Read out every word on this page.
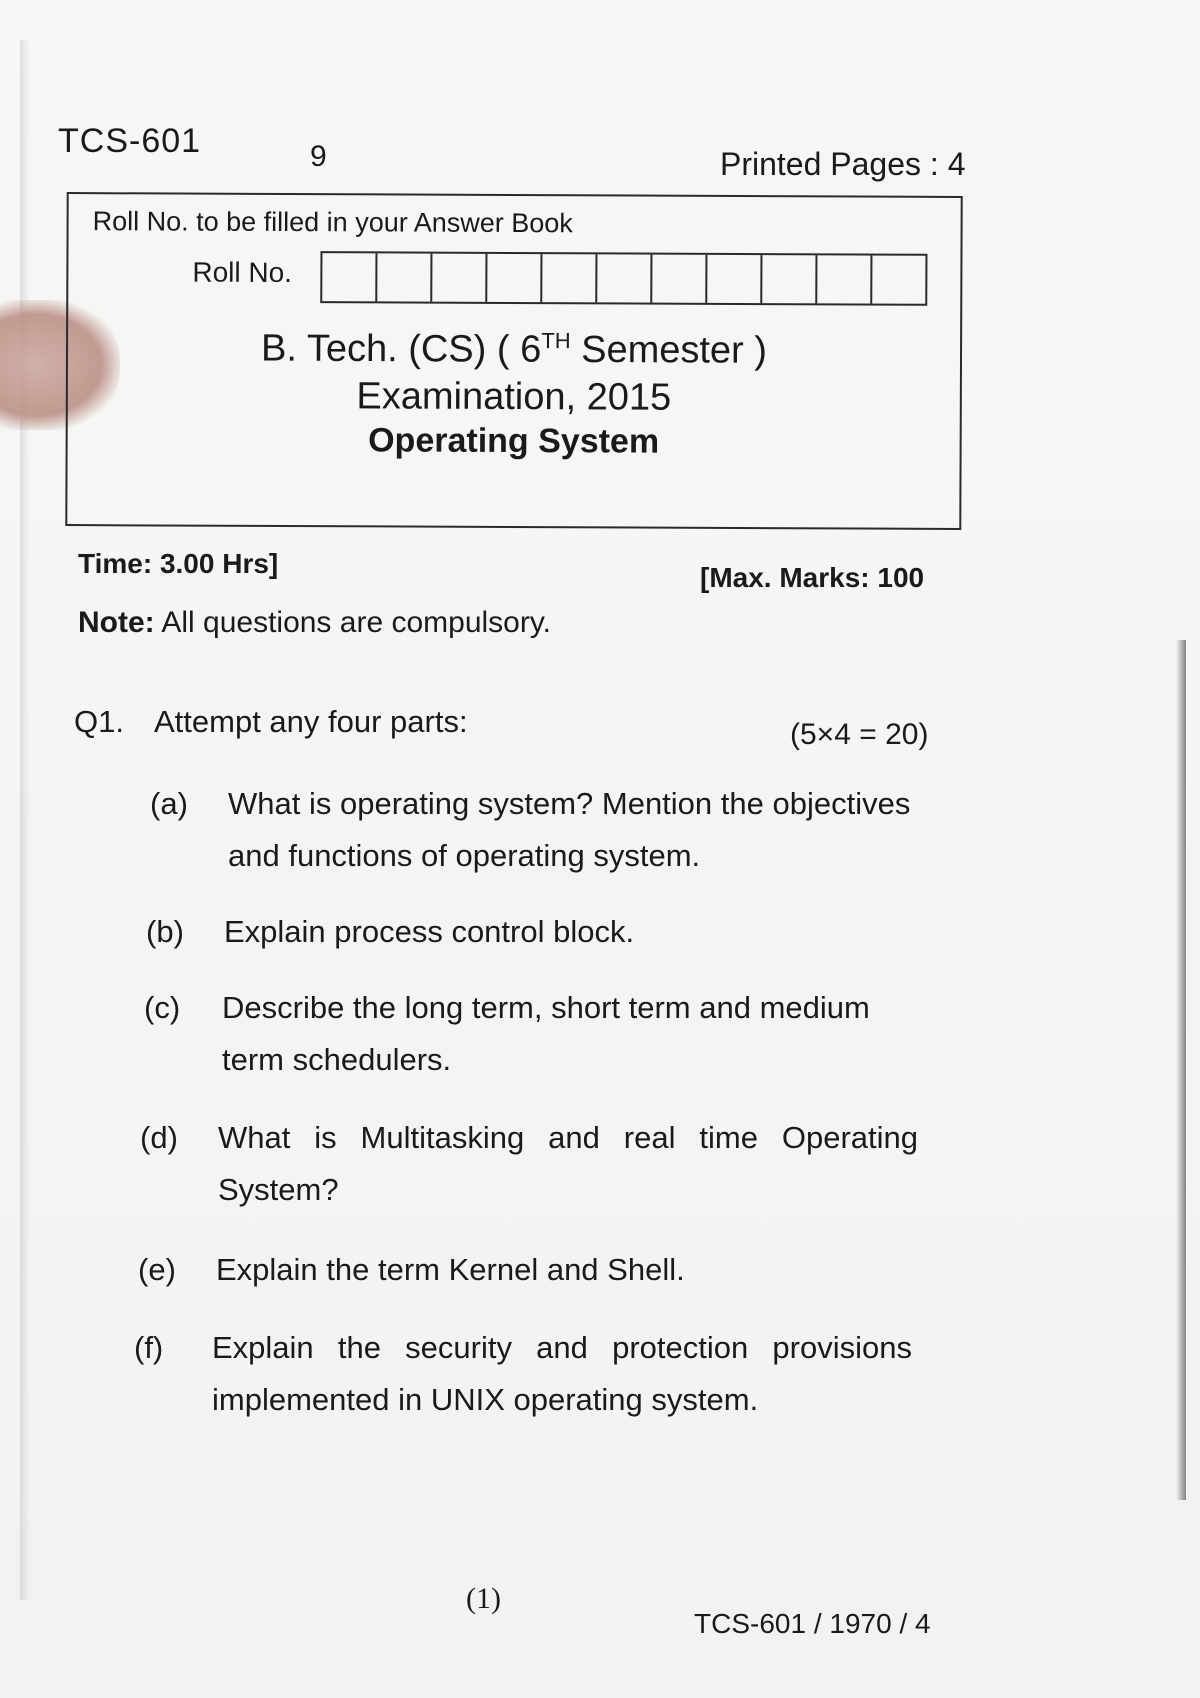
TCS-601	9	Printed Pages : 4
Roll No. to be filled in your Answer Book
Roll No.
B. Tech. (CS) ( 6TH Semester )
Examination, 2015
Operating System
Time: 3.00 Hrs]	[Max. Marks: 100
Note: All questions are compulsory.
Q1. Attempt any four parts:	(5×4 = 20)
(a) What is operating system? Mention the objectives and functions of operating system.
(b) Explain process control block.
(c) Describe the long term, short term and medium term schedulers.
(d) What is Multitasking and real time Operating System?
(e) Explain the term Kernel and Shell.
(f) Explain the security and protection provisions implemented in UNIX operating system.
(1)
TCS-601 / 1970 / 4
